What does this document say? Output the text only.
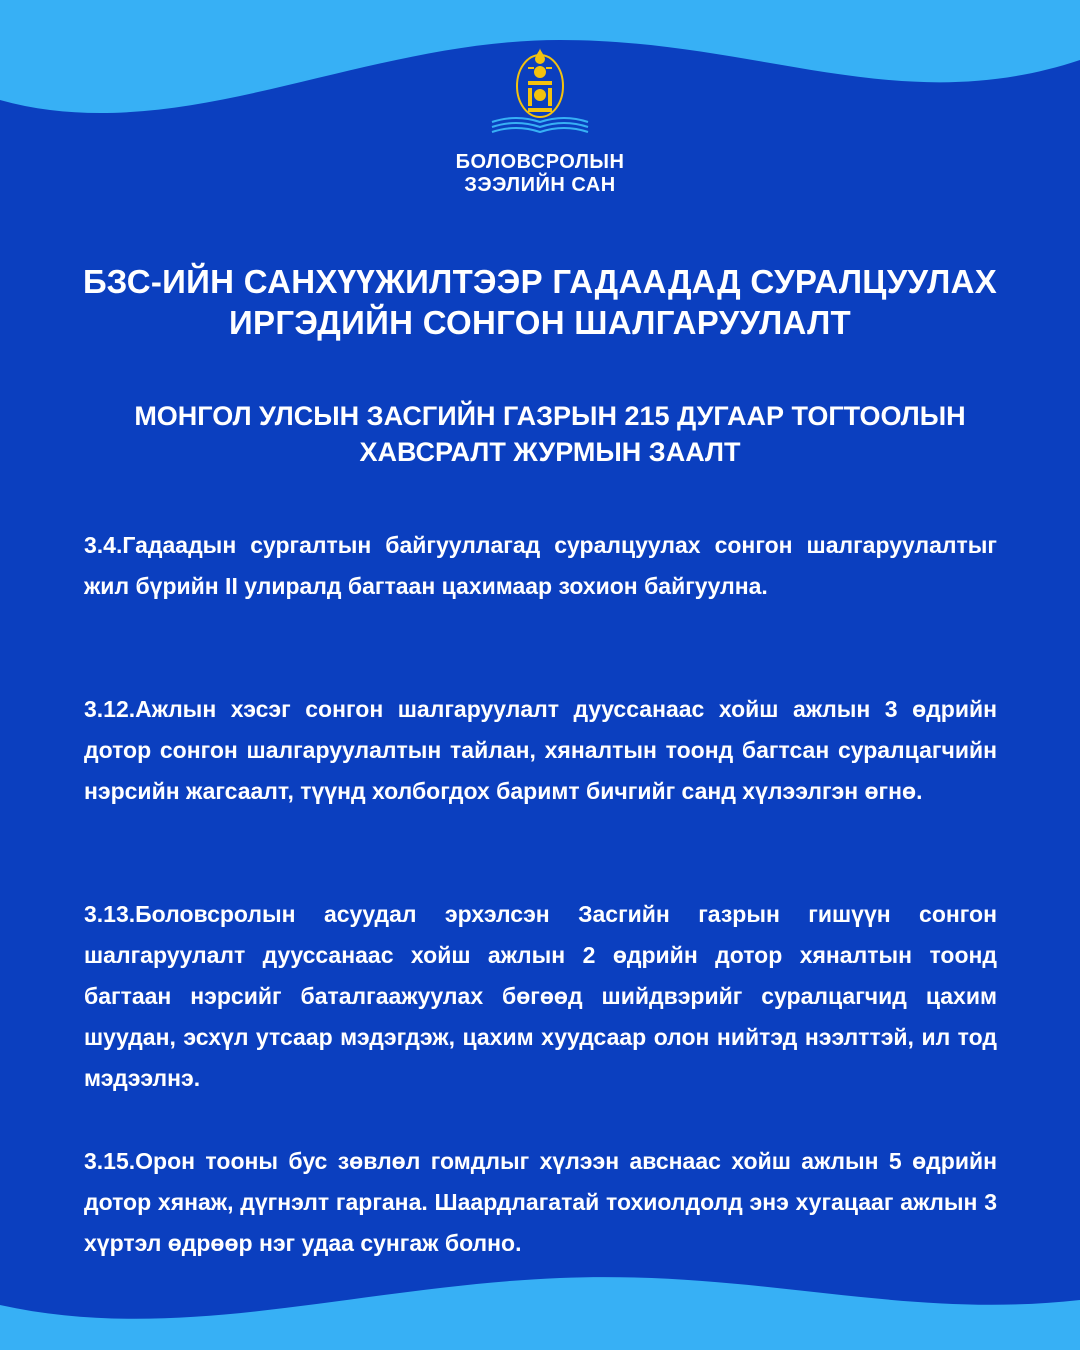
БОЛОВСРОЛЫН
ЗЭЭЛИЙН САН
БЗС-ИЙН САНХҮҮЖИЛТЭЭР ГАДААДАД СУРАЛЦУУЛАХ
ИРГЭДИЙН СОНГОН ШАЛГАРУУЛАЛТ
МОНГОЛ УЛСЫН ЗАСГИЙН ГАЗРЫН 215 ДУГААР ТОГТООЛЫН
ХАВСРАЛТ ЖУРМЫН ЗААЛТ
3.4.Гадаадын сургалтын байгууллагад суралцуулах сонгон шалгаруулалтыг жил бүрийн II улиралд багтаан цахимаар зохион байгуулна.
3.12.Ажлын хэсэг сонгон шалгаруулалт дууссанаас хойш ажлын 3 өдрийн дотор сонгон шалгаруулалтын тайлан, хяналтын тоонд багтсан суралцагчийн нэрсийн жагсаалт, түүнд холбогдох баримт бичгийг санд хүлээлгэн өгнө.
3.13.Боловсролын асуудал эрхэлсэн Засгийн газрын гишүүн сонгон шалгаруулалт дууссанаас хойш ажлын 2 өдрийн дотор хяналтын тоонд багтаан нэрсийг баталгаажуулах бөгөөд шийдвэрийг суралцагчид цахим шуудан, эсхүл утсаар мэдэгдэж, цахим хуудсаар олон нийтэд нээлттэй, ил тод мэдээлнэ.
3.15.Орон тооны бус зөвлөл гомдлыг хүлээн авснаас хойш ажлын 5 өдрийн дотор хянаж, дүгнэлт гаргана. Шаардлагатай тохиолдолд энэ хугацааг ажлын 3 хүртэл өдрөөр нэг удаа сунгаж болно.
